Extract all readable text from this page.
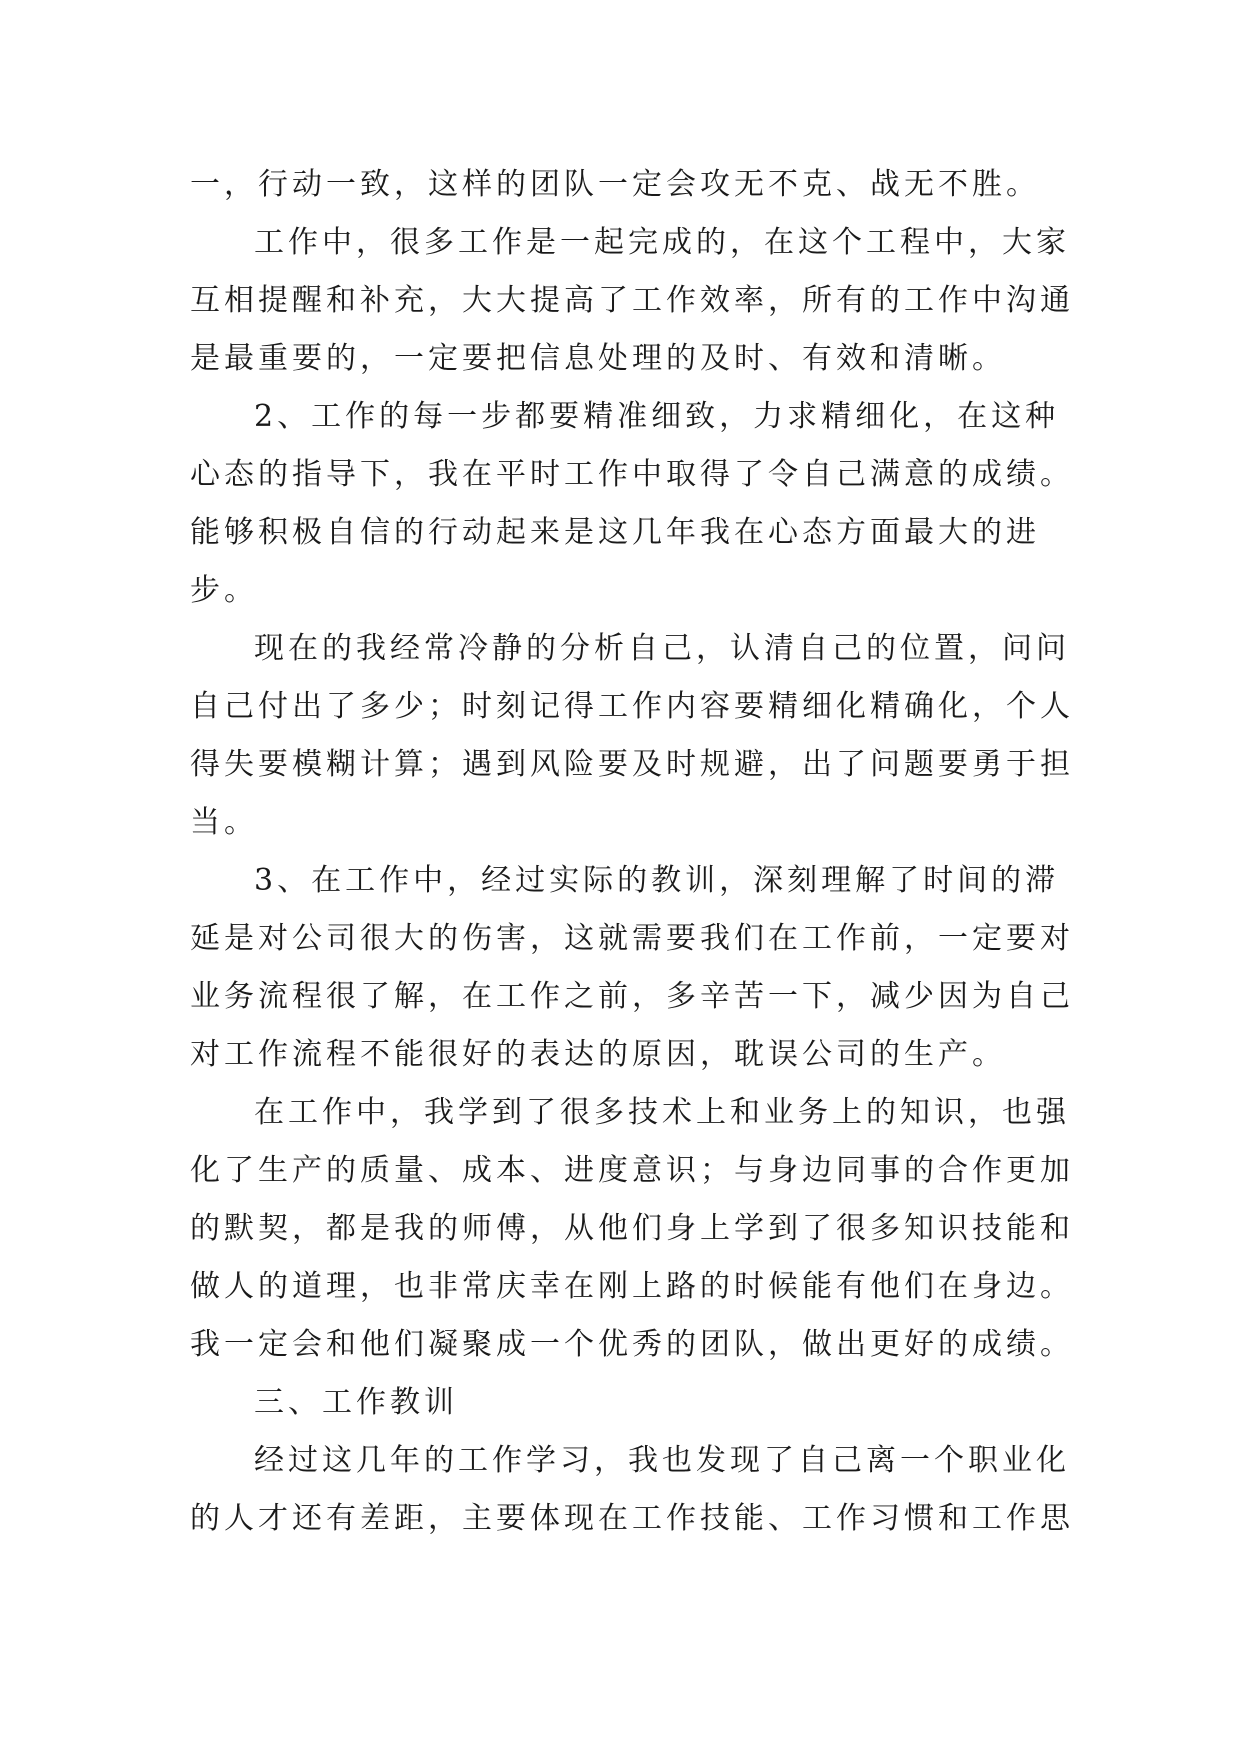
一，行动一致，这样的团队一定会攻无不克、战无不胜。
工作中，很多工作是一起完成的，在这个工程中，大家
互相提醒和补充，大大提高了工作效率，所有的工作中沟通
是最重要的，一定要把信息处理的及时、有效和清晰。
2、工作的每一步都要精准细致，力求精细化，在这种
心态的指导下，我在平时工作中取得了令自己满意的成绩。
能够积极自信的行动起来是这几年我在心态方面最大的进
步。
现在的我经常冷静的分析自己，认清自己的位置，问问
自己付出了多少；时刻记得工作内容要精细化精确化，个人
得失要模糊计算；遇到风险要及时规避，出了问题要勇于担
当。
3、在工作中，经过实际的教训，深刻理解了时间的滞
延是对公司很大的伤害，这就需要我们在工作前，一定要对
业务流程很了解，在工作之前，多辛苦一下，减少因为自己
对工作流程不能很好的表达的原因，耽误公司的生产。
在工作中，我学到了很多技术上和业务上的知识，也强
化了生产的质量、成本、进度意识；与身边同事的合作更加
的默契，都是我的师傅，从他们身上学到了很多知识技能和
做人的道理，也非常庆幸在刚上路的时候能有他们在身边。
我一定会和他们凝聚成一个优秀的团队，做出更好的成绩。
三、工作教训
经过这几年的工作学习，我也发现了自己离一个职业化
的人才还有差距，主要体现在工作技能、工作习惯和工作思
